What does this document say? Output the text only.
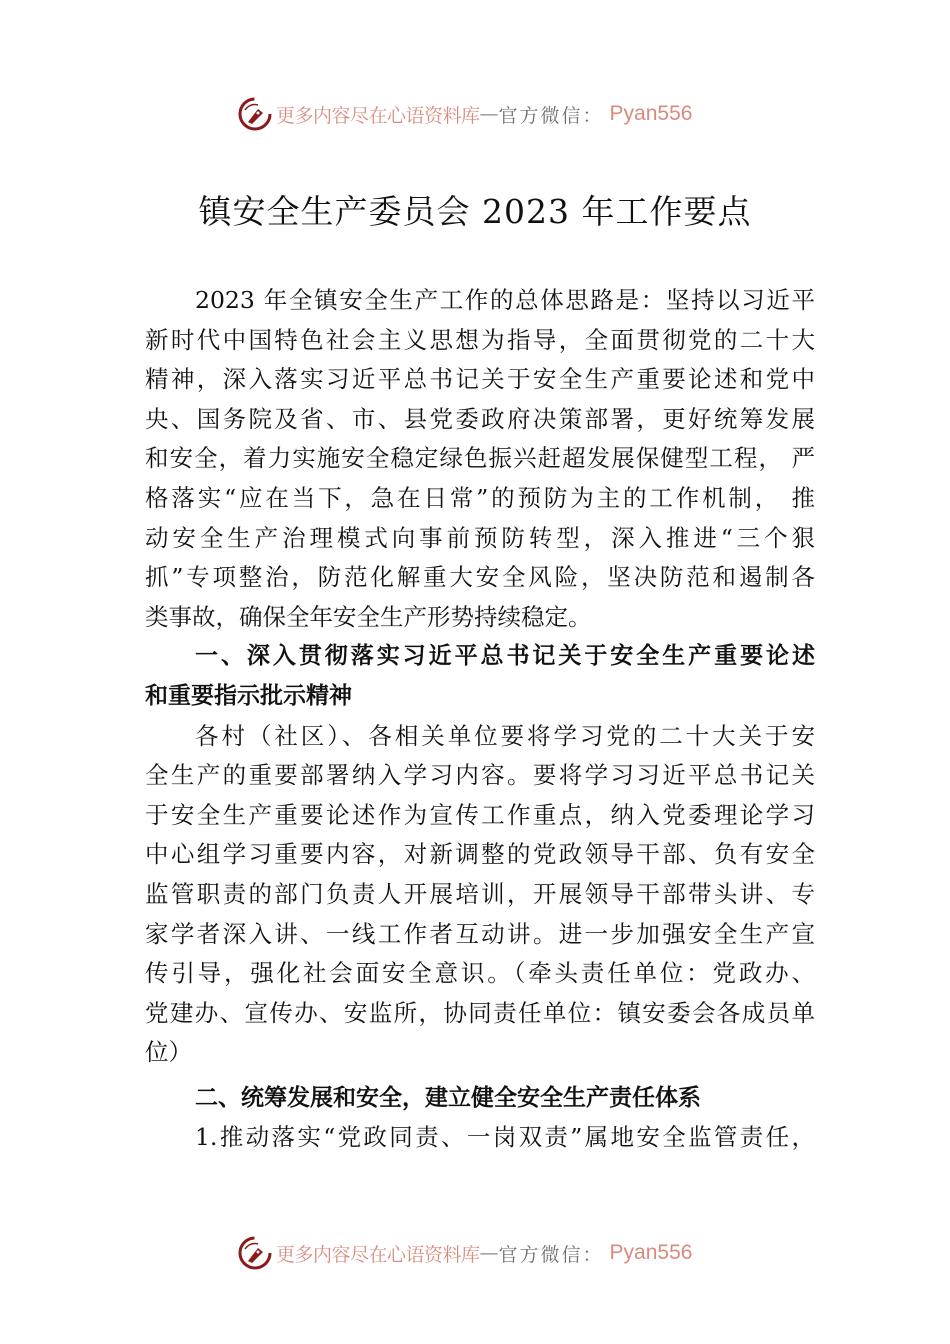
更多内容尽在心语资料库 — 官方微信： Pyan556
镇安全生产委员会 2023 年工作要点
2023 年全镇安全生产工作的总体思路是：坚持以习近平
新时代中国特色社会主义思想为指导，全面贯彻党的二十大
精神，深入落实习近平总书记关于安全生产重要论述和党中
央、国务院及省、市、县党委政府决策部署，更好统筹发展
和安全，着力实施安全稳定绿色振兴赶超发展保健型工程， 严
格落实“应在当下，急在日常”的预防为主的工作机制， 推
动安全生产治理模式向事前预防转型，深入推进“三个狠
抓”专项整治，防范化解重大安全风险，坚决防范和遏制各
类事故，确保全年安全生产形势持续稳定。
一、深入贯彻落实习近平总书记关于安全生产重要论述
和重要指示批示精神
各村（社区）、各相关单位要将学习党的二十大关于安
全生产的重要部署纳入学习内容。要将学习习近平总书记关
于安全生产重要论述作为宣传工作重点，纳入党委理论学习
中心组学习重要内容，对新调整的党政领导干部、负有安全
监管职责的部门负责人开展培训，开展领导干部带头讲、专
家学者深入讲、一线工作者互动讲。进一步加强安全生产宣
传引导，强化社会面安全意识。（牵头责任单位：党政办、
党建办、宣传办、安监所，协同责任单位：镇安委会各成员单
位）
二、统筹发展和安全，建立健全安全生产责任体系
1.推动落实“党政同责、一岗双责”属地安全监管责任，
更多内容尽在心语资料库 — 官方微信： Pyan556
